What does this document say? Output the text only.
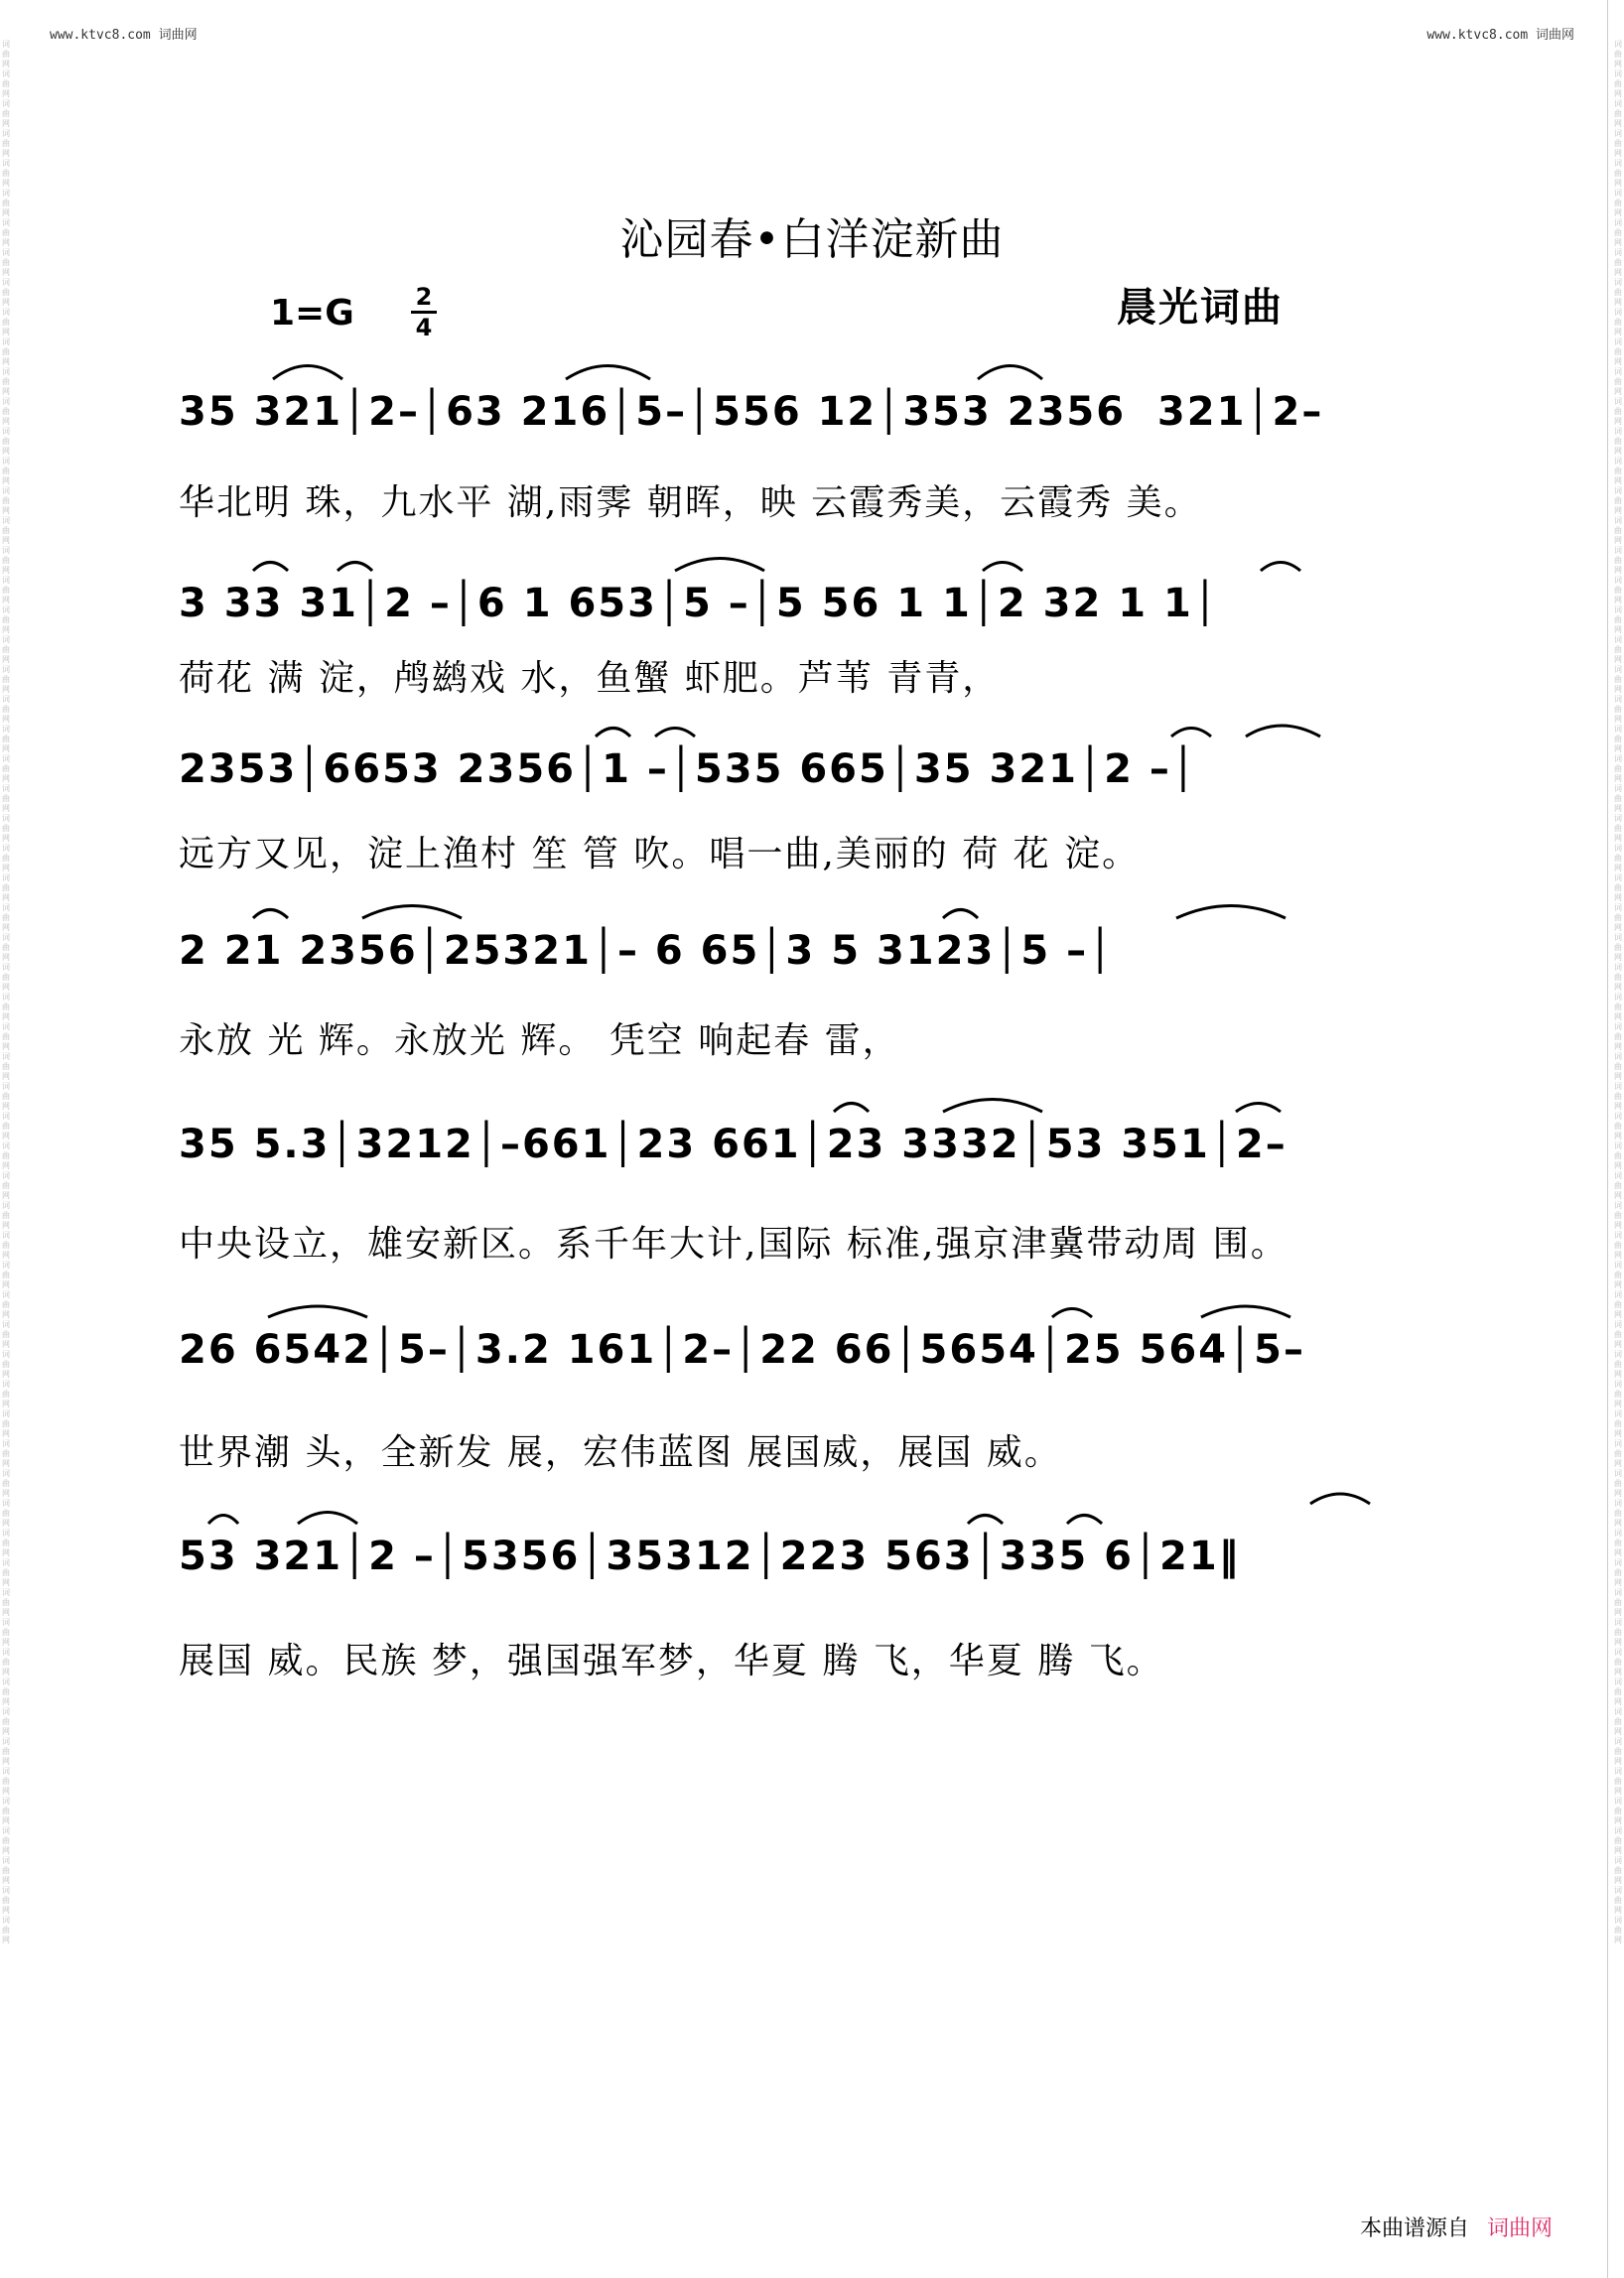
www.ktvc8.com 词曲网	www.ktvc8.com 词曲网
词曲网词曲网词曲网词曲网词曲网词曲网词曲网词曲网词曲网词曲网词曲网词曲网词曲网词曲网词曲网词曲网词曲网词曲网词曲网词曲网词曲网词曲网词曲网词曲网词曲网词曲网词曲网词曲网词曲网词曲网词曲网词曲网词曲网词曲网词曲网词曲网词曲网词曲网词曲网词曲网词曲网词曲网词曲网词曲网词曲网词曲网词曲网词曲网词曲网词曲网词曲网词曲网词曲网词曲网词曲网词曲网词曲网词曲网词曲网词曲网词曲网词曲网词曲网词曲网
词曲网词曲网词曲网词曲网词曲网词曲网词曲网词曲网词曲网词曲网词曲网词曲网词曲网词曲网词曲网词曲网词曲网词曲网词曲网词曲网词曲网词曲网词曲网词曲网词曲网词曲网词曲网词曲网词曲网词曲网词曲网词曲网词曲网词曲网词曲网词曲网词曲网词曲网词曲网词曲网词曲网词曲网词曲网词曲网词曲网词曲网词曲网词曲网词曲网词曲网词曲网词曲网词曲网词曲网词曲网词曲网词曲网词曲网词曲网词曲网词曲网词曲网词曲网词曲网
沁园春•白洋淀新曲
1=G	2
4	晨光词曲
35 321│2–│63 216│5–│556 12│353 2356  321│2–
华北明 珠，九水平 湖,雨霁 朝晖，映 云霞秀美，云霞秀 美。
3 33 31│2 –│6 1 653│5 –│5 56 1 1│2 32 1 1│
荷花 满 淀，鸬鹚戏 水，鱼蟹 虾肥。芦苇 青青，
2353│6653 2356│1 –│535 665│35 321│2 –│
远方又见，淀上渔村 笙 管 吹。唱一曲,美丽的 荷 花 淀。
2 21 2356│25321│– 6 65│3 5 3123│5 –│
永放 光 辉。永放光 辉。 凭空 响起春 雷，
35 5.3│3212│–661│23 661│23 3332│53 351│2–
中央设立，雄安新区。系千年大计,国际 标准,强京津冀带动周 围。
26 6542│5–│3.2 161│2–│22 66│5654│25 564│5–
世界潮 头，全新发 展，宏伟蓝图 展国威，展国 威。
53 321│2 –│5356│35312│223 563│335 6│21‖
展国 威。民族 梦，强国强军梦，华夏 腾 飞，华夏 腾 飞。
本曲谱源自 词曲网
